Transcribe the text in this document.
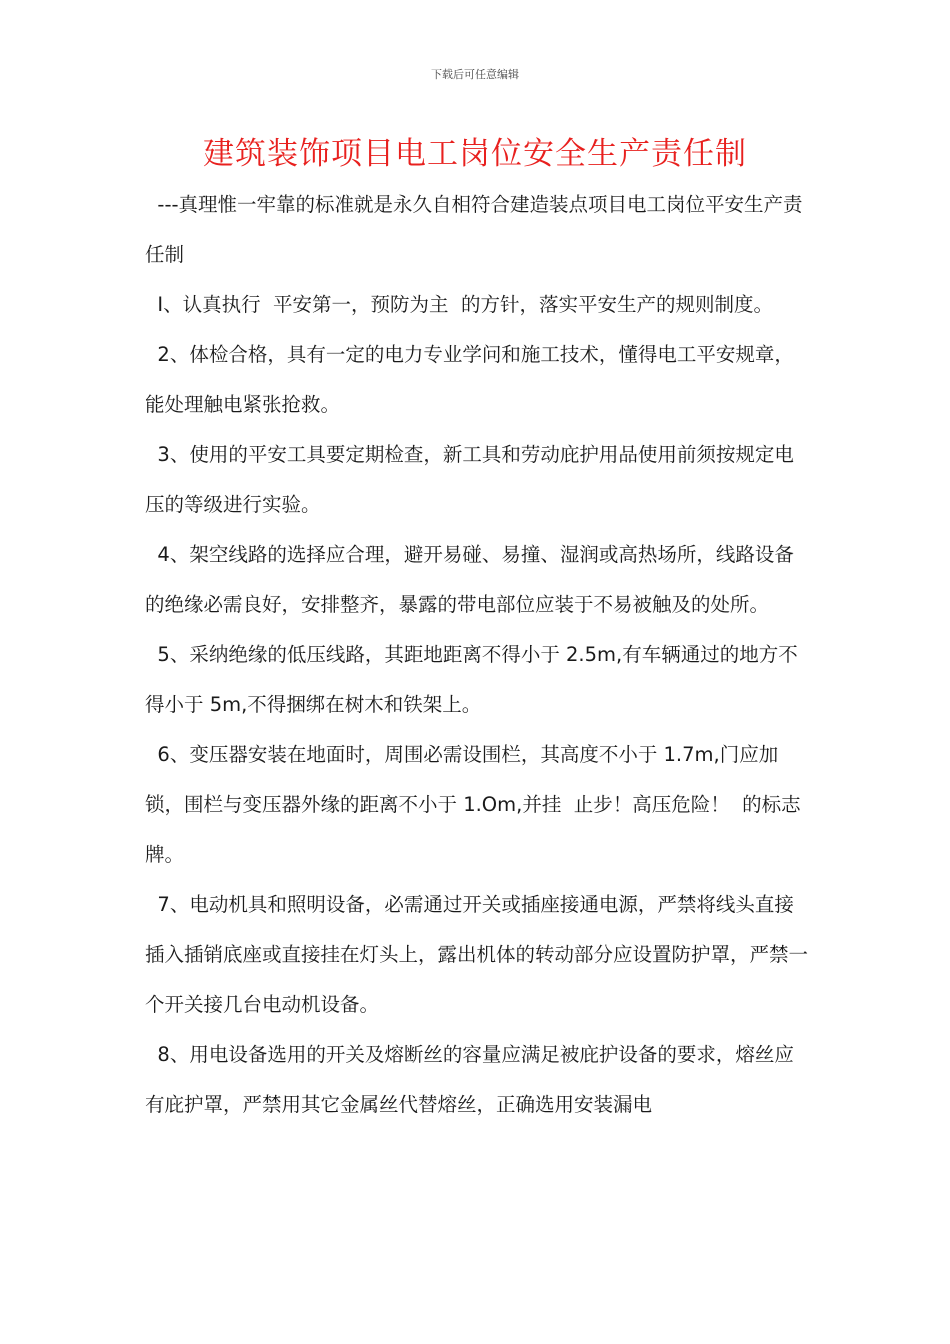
下载后可任意编辑
建筑装饰项目电工岗位安全生产责任制

---真理惟一牢靠的标准就是永久自相符合建造装点项目电工岗位平安生产责任制

I、认真执行  平安第一，预防为主  的方针，落实平安生产的规则制度。

2、体检合格，具有一定的电力专业学问和施工技术，懂得电工平安规章，能处理触电紧张抢救。

3、使用的平安工具要定期检查，新工具和劳动庇护用品使用前须按规定电压的等级进行实验。

4、架空线路的选择应合理，避开易碰、易撞、湿润或高热场所，线路设备的绝缘必需良好，安排整齐，暴露的带电部位应装于不易被触及的处所。

5、采纳绝缘的低压线路，其距地距离不得小于 2.5m,有车辆通过的地方不得小于 5m,不得捆绑在树木和铁架上。

6、变压器安装在地面时，周围必需设围栏，其高度不小于 1.7m,门应加锁，围栏与变压器外缘的距离不小于 1.Om,并挂  止步！高压危险！  的标志牌。

7、电动机具和照明设备，必需通过开关或插座接通电源，严禁将线头直接插入插销底座或直接挂在灯头上，露出机体的转动部分应设置防护罩，严禁一个开关接几台电动机设备。

8、用电设备选用的开关及熔断丝的容量应满足被庇护设备的要求，熔丝应有庇护罩，严禁用其它金属丝代替熔丝，正确选用安装漏电
